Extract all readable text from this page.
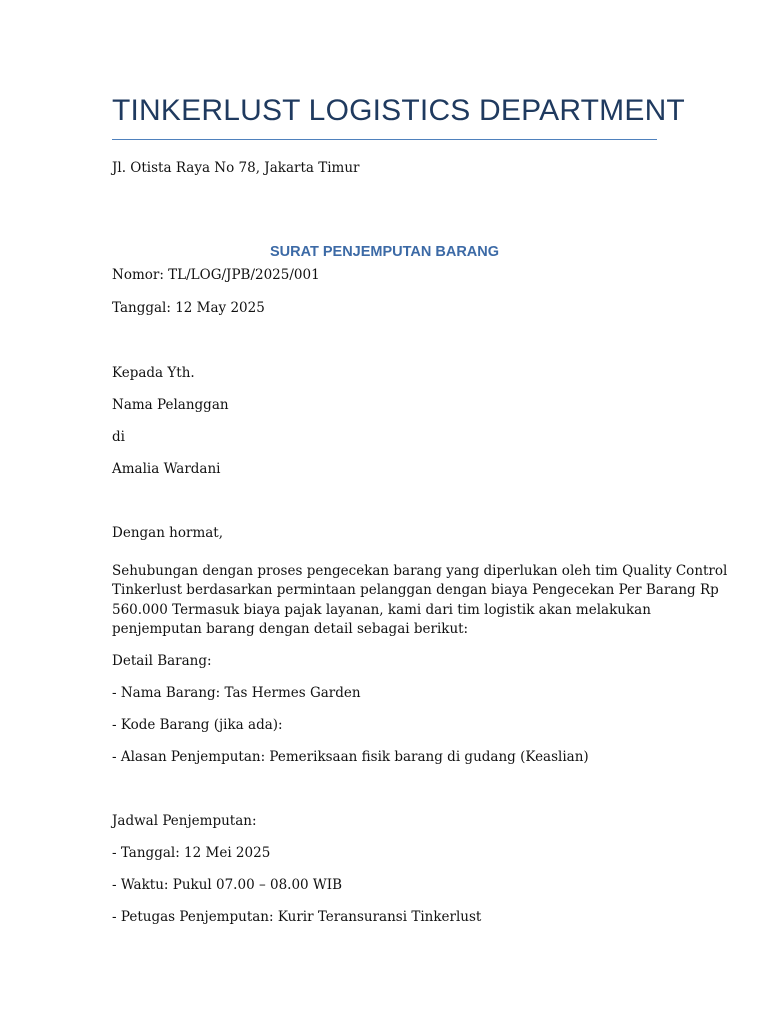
TINKERLUST LOGISTICS DEPARTMENT
Jl. Otista Raya No 78, Jakarta Timur
SURAT PENJEMPUTAN BARANG
Nomor: TL/LOG/JPB/2025/001
Tanggal: 12 May 2025
Kepada Yth.
Nama Pelanggan
di
Amalia Wardani
Dengan hormat,
Sehubungan dengan proses pengecekan barang yang diperlukan oleh tim Quality Control
Tinkerlust berdasarkan permintaan pelanggan dengan biaya Pengecekan Per Barang Rp
560.000 Termasuk biaya pajak layanan, kami dari tim logistik akan melakukan
penjemputan barang dengan detail sebagai berikut:
Detail Barang:
- Nama Barang: Tas Hermes Garden
- Kode Barang (jika ada):
- Alasan Penjemputan: Pemeriksaan fisik barang di gudang (Keaslian)
Jadwal Penjemputan:
- Tanggal: 12 Mei 2025
- Waktu: Pukul 07.00 – 08.00 WIB
- Petugas Penjemputan: Kurir Teransuransi Tinkerlust
